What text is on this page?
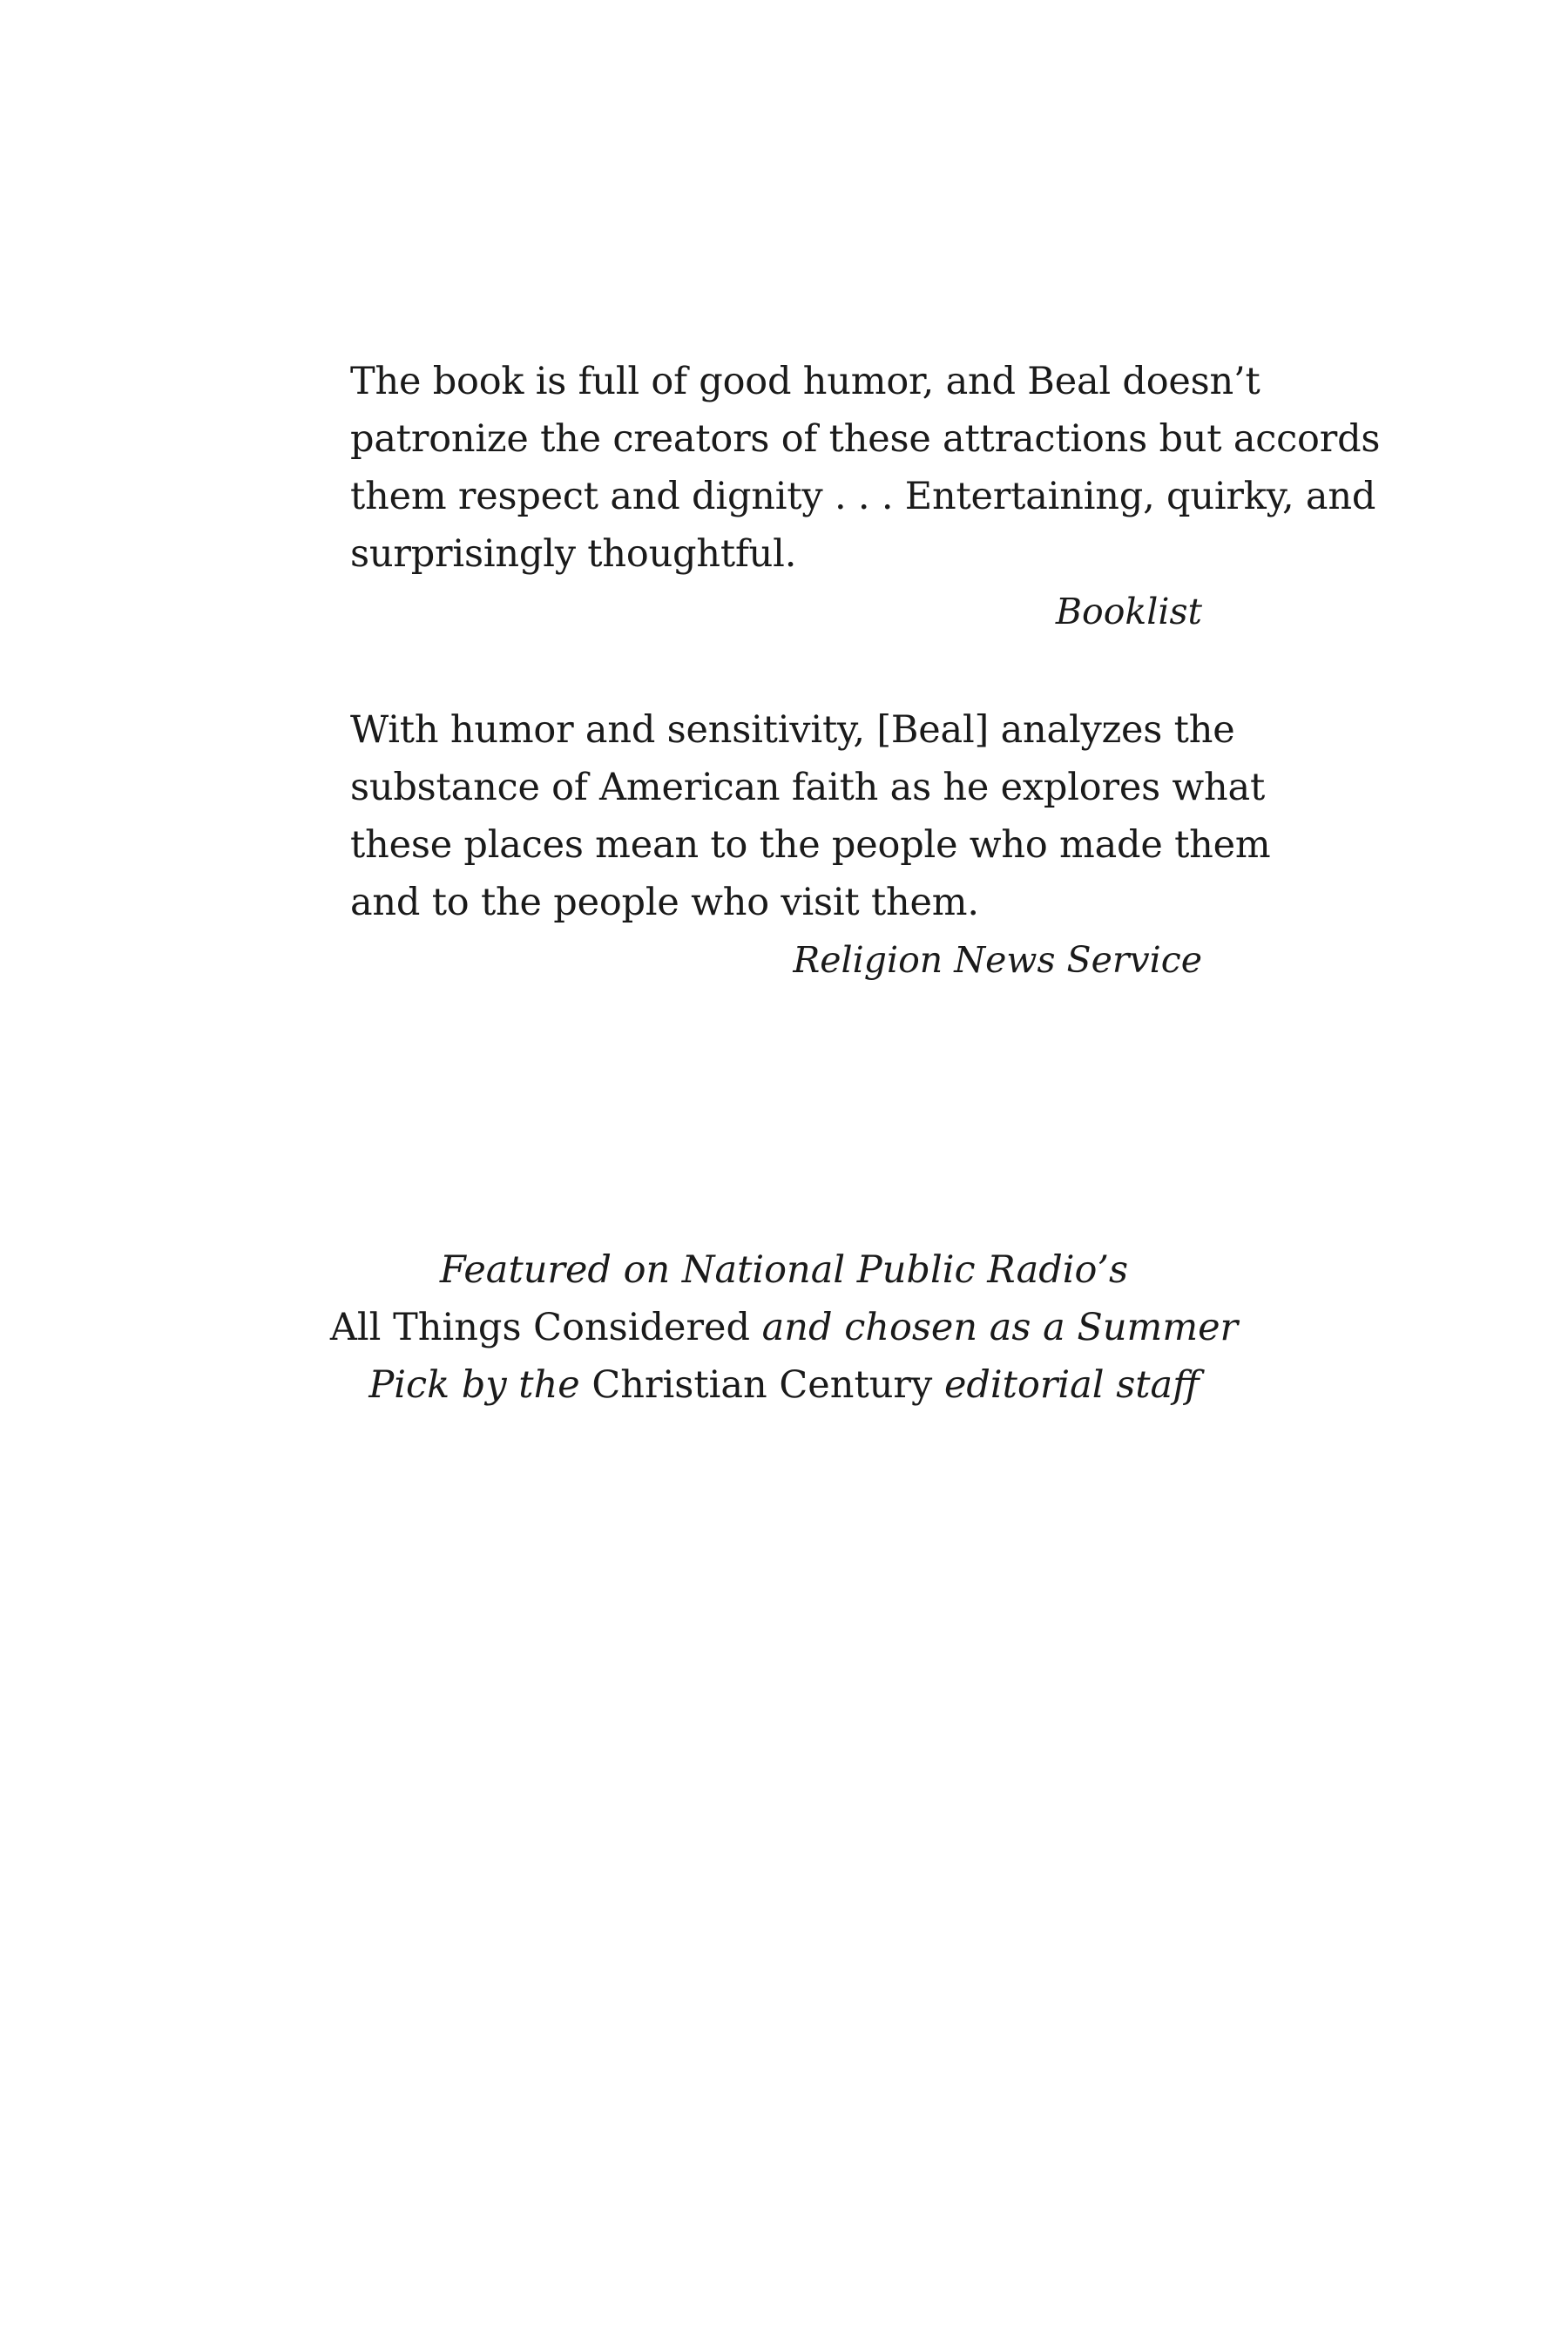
The book is full of good humor, and Beal doesn’t
patronize the creators of these attractions but accords
them respect and dignity . . . Entertaining, quirky, and
surprisingly thoughtful.
Booklist
With humor and sensitivity, [Beal] analyzes the
substance of American faith as he explores what
these places mean to the people who made them
and to the people who visit them.
Religion News Service
Featured on National Public Radio’s
All Things Considered and chosen as a Summer
Pick by the Christian Century editorial staff
